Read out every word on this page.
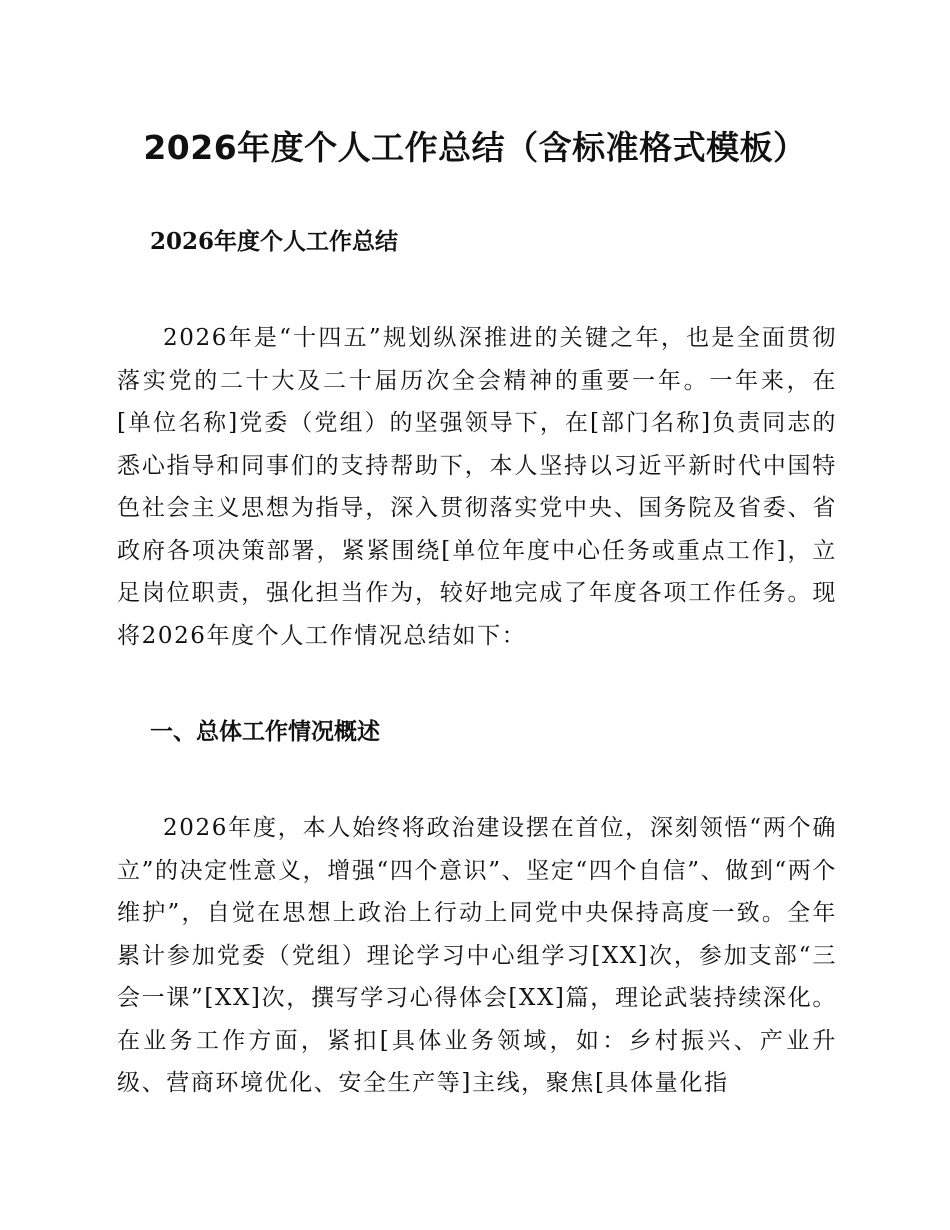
2026年度个人工作总结（含标准格式模板）
2026年度个人工作总结

2026年是“十四五”规划纵深推进的关键之年，也是全面贯彻落实党的二十大及二十届历次全会精神的重要一年。一年来，在[单位名称]党委（党组）的坚强领导下，在[部门名称]负责同志的悉心指导和同事们的支持帮助下，本人坚持以习近平新时代中国特色社会主义思想为指导，深入贯彻落实党中央、国务院及省委、省政府各项决策部署，紧紧围绕[单位年度中心任务或重点工作]，立足岗位职责，强化担当作为，较好地完成了年度各项工作任务。现将2026年度个人工作情况总结如下：

一、总体工作情况概述

2026年度，本人始终将政治建设摆在首位，深刻领悟“两个确立”的决定性意义，增强“四个意识”、坚定“四个自信”、做到“两个维护”，自觉在思想上政治上行动上同党中央保持高度一致。全年累计参加党委（党组）理论学习中心组学习[XX]次，参加支部“三会一课”[XX]次，撰写学习心得体会[XX]篇，理论武装持续深化。在业务工作方面，紧扣[具体业务领域，如：乡村振兴、产业升级、营商环境优化、安全生产等]主线，聚焦[具体量化指
